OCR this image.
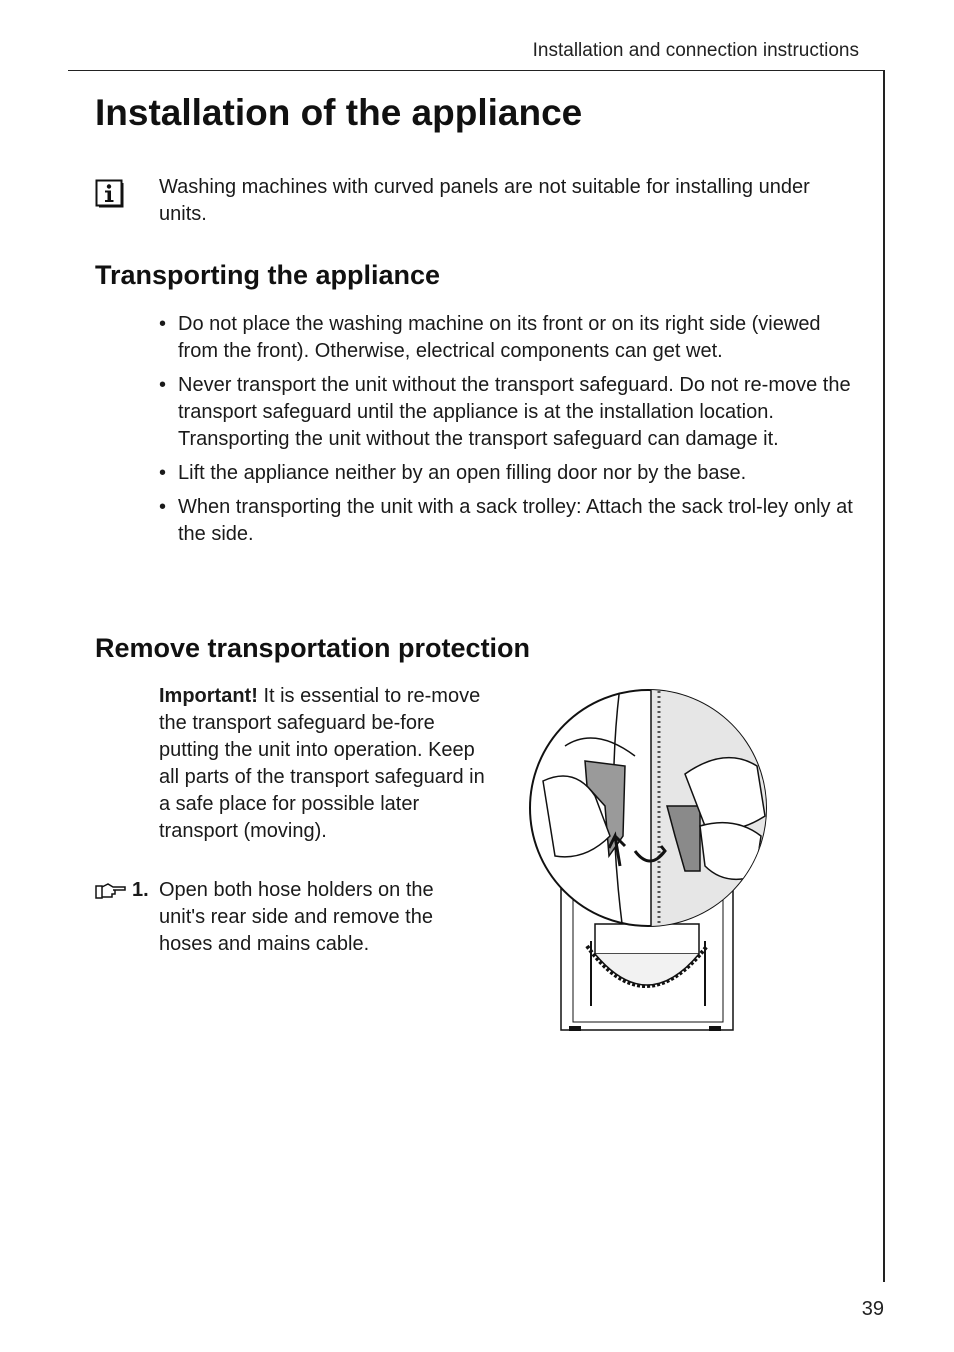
Installation and connection instructions
Installation of the appliance
Washing machines with curved panels are not suitable for installing under units.
Transporting the appliance
• Do not place the washing machine on its front or on its right side (viewed from the front). Otherwise, electrical components can get wet.
• Never transport the unit without the transport safeguard. Do not re-move the transport safeguard until the appliance is at the installation location. Transporting the unit without the transport safeguard can damage it.
• Lift the appliance neither by an open filling door nor by the base.
• When transporting the unit with a sack trolley: Attach the sack trol-ley only at the side.
Remove transportation protection
Important! It is essential to re-move the transport safeguard be-fore putting the unit into operation. Keep all parts of the transport safeguard in a safe place for possible later transport (moving).
1. Open both hose holders on the unit's rear side and remove the hoses and mains cable.
39
